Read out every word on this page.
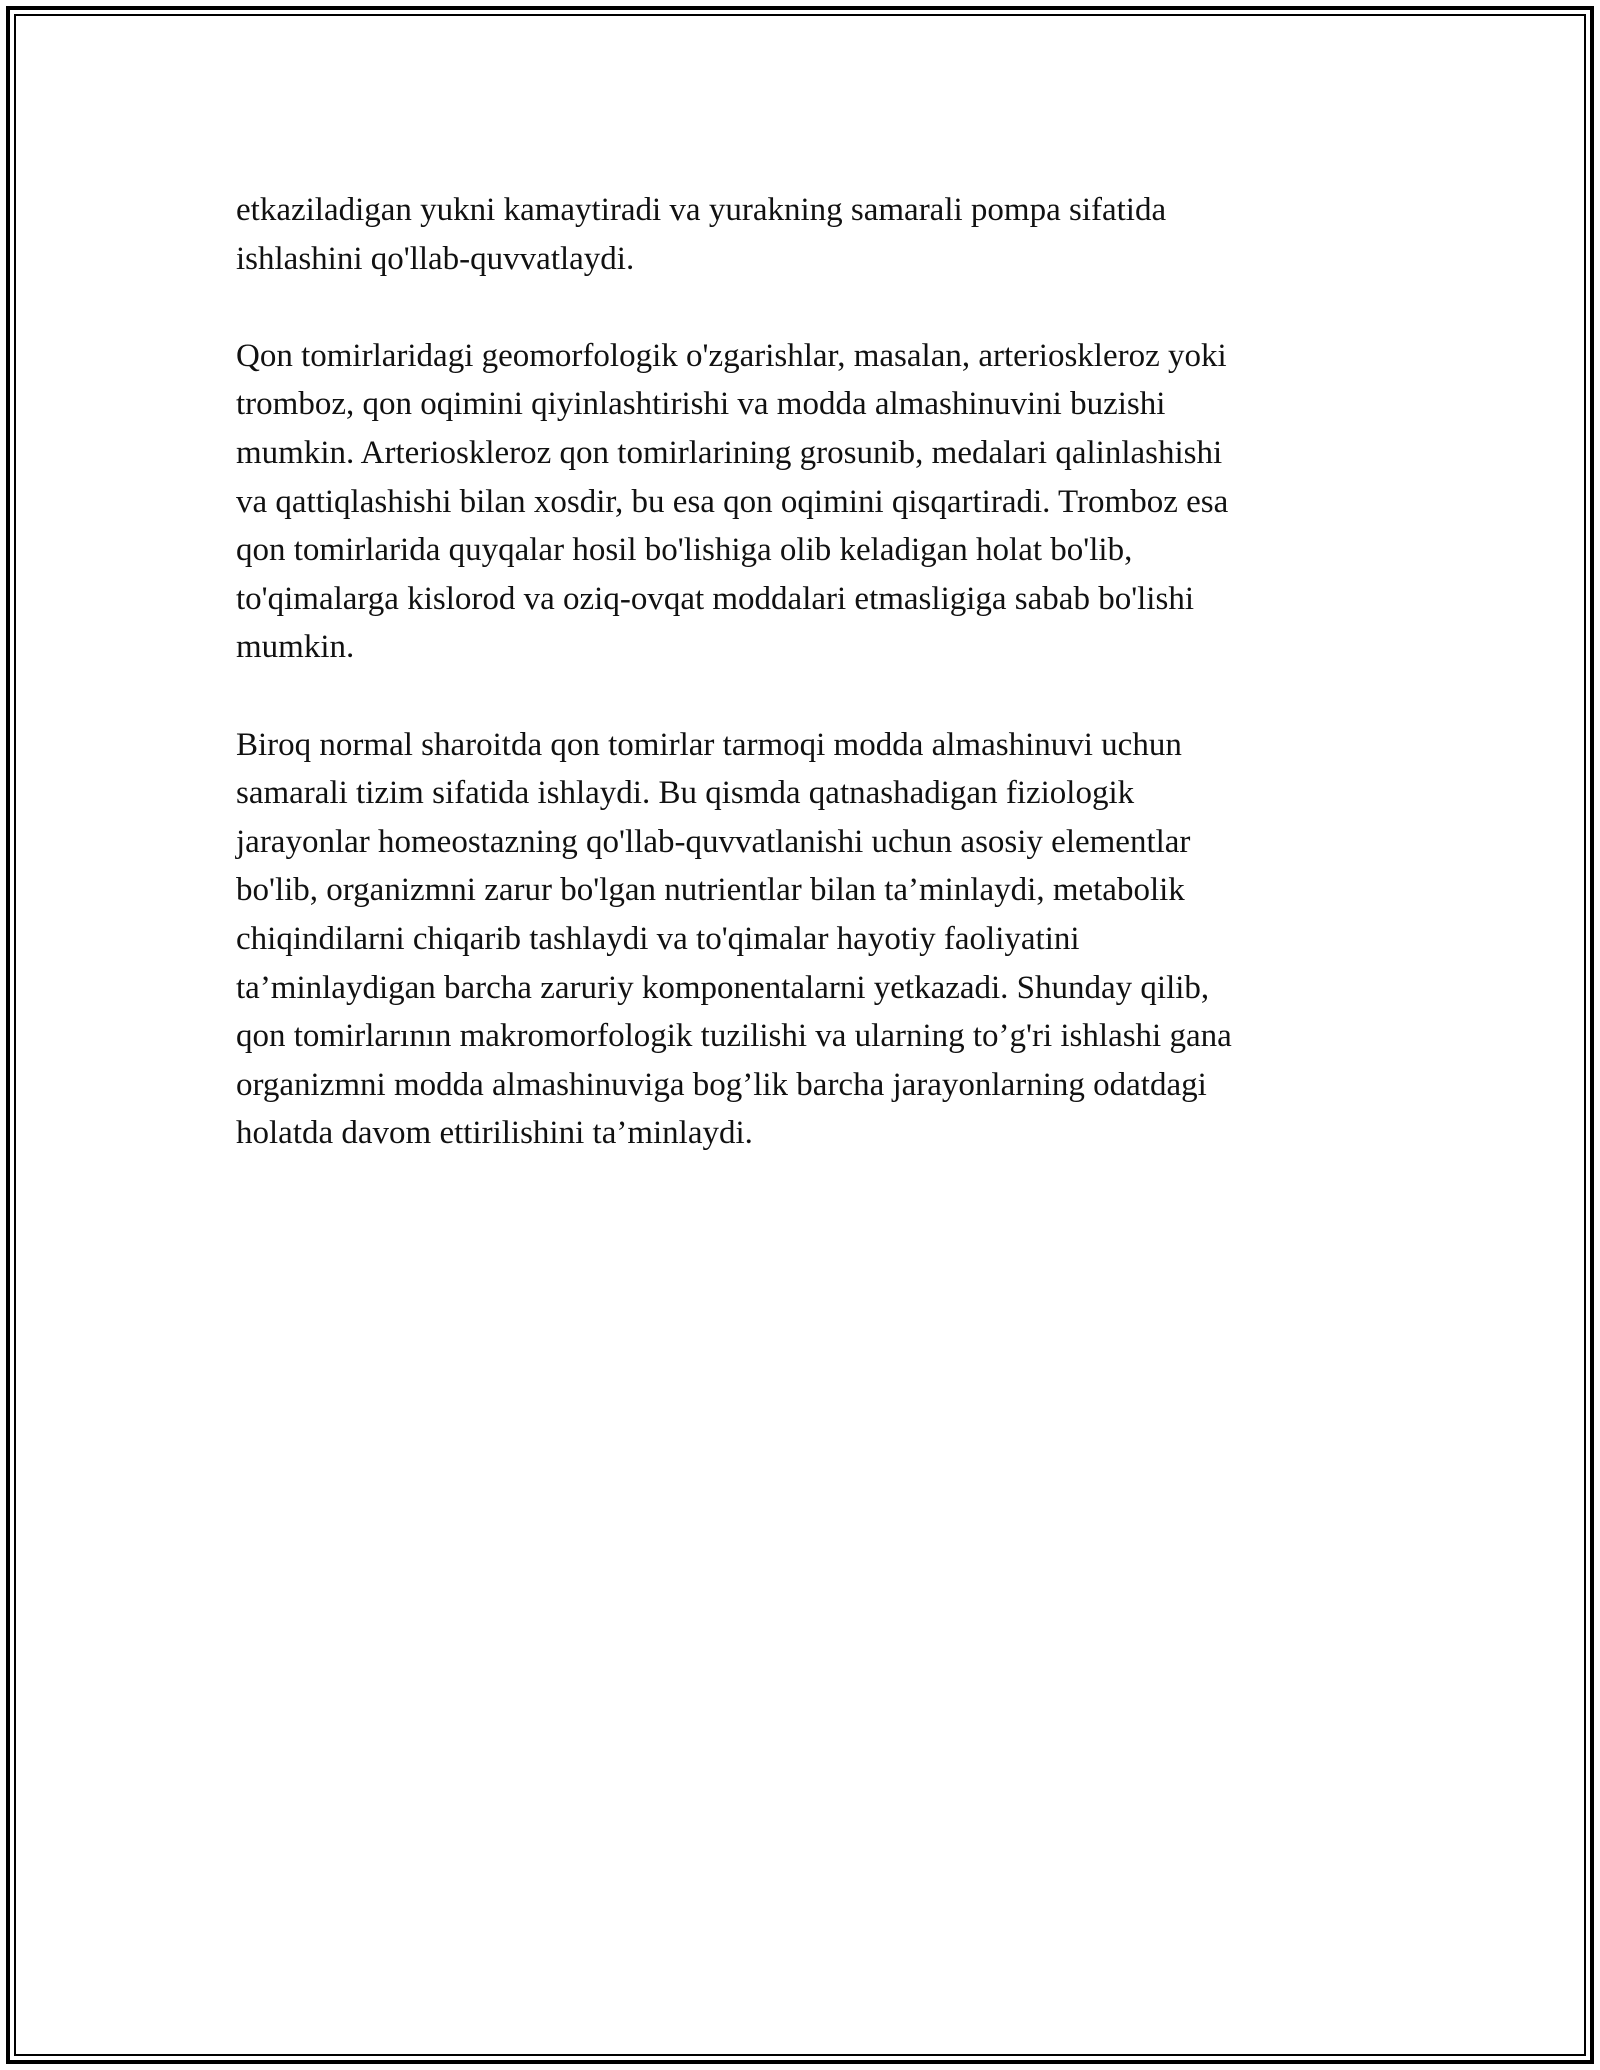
etkaziladigan yukni kamaytiradi va yurakning samarali pompa sifatida
ishlashini qo'llab-quvvatlaydi.

Qon tomirlaridagi geomorfologik o'zgarishlar, masalan, arterioskleroz yoki
tromboz, qon oqimini qiyinlashtirishi va modda almashinuvini buzishi
mumkin. Arterioskleroz qon tomirlarining grosunib, medalari qalinlashishi
va qattiqlashishi bilan xosdir, bu esa qon oqimini qisqartiradi. Tromboz esa
qon tomirlarida quyqalar hosil bo'lishiga olib keladigan holat bo'lib,
to'qimalarga kislorod va oziq-ovqat moddalari etmasligiga sabab bo'lishi
mumkin.

Biroq normal sharoitda qon tomirlar tarmoqi modda almashinuvi uchun
samarali tizim sifatida ishlaydi. Bu qismda qatnashadigan fiziologik
jarayonlar homeostazning qo'llab-quvvatlanishi uchun asosiy elementlar
bo'lib, organizmni zarur bo'lgan nutrientlar bilan ta’minlaydi, metabolik
chiqindilarni chiqarib tashlaydi va to'qimalar hayotiy faoliyatini
ta’minlaydigan barcha zaruriy komponentalarni yetkazadi. Shunday qilib,
qon tomirlarının makromorfologik tuzilishi va ularning to’g'ri ishlashi gana
organizmni modda almashinuviga bog’lik barcha jarayonlarning odatdagi
holatda davom ettirilishini ta’minlaydi.
